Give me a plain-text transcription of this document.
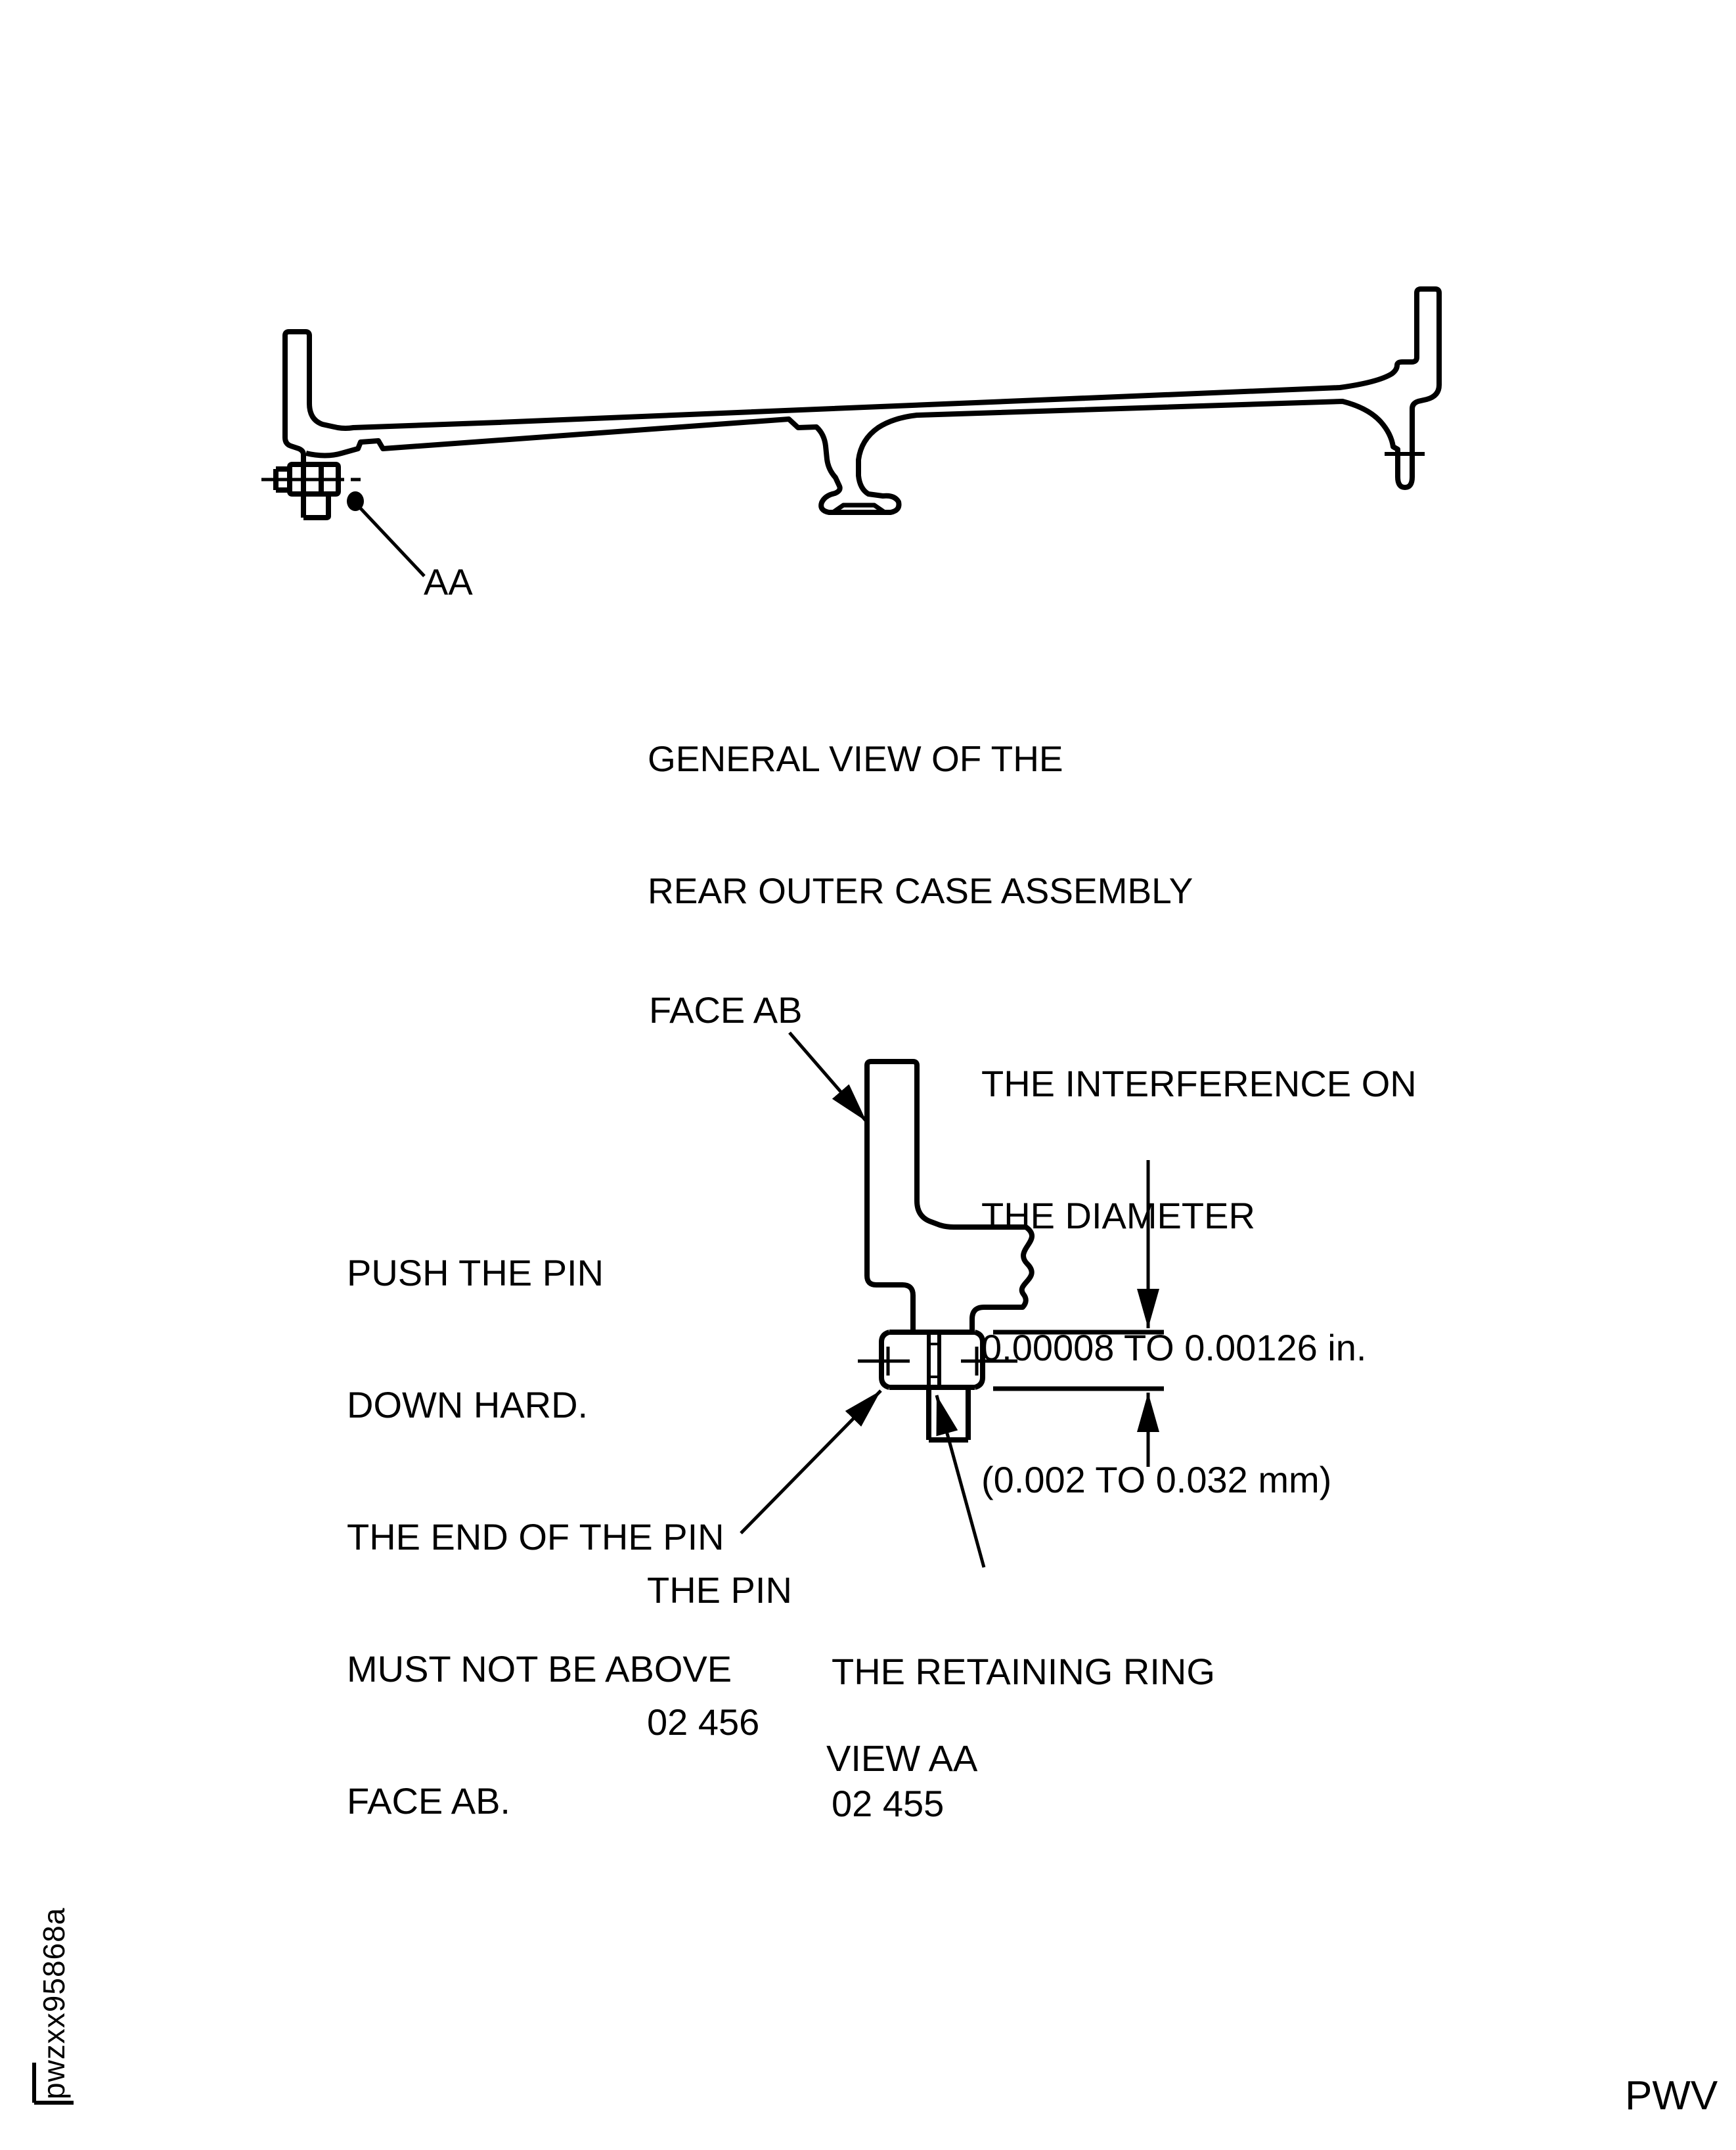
AA

GENERAL VIEW OF THE

REAR OUTER CASE ASSEMBLY

FACE AB

THE INTERFERENCE ON

THE DIAMETER

0.00008 TO 0.00126 in.

(0.002 TO 0.032 mm)

PUSH THE PIN

DOWN HARD.

THE END OF THE PIN

MUST NOT BE ABOVE

FACE AB.

THE PIN

02 456

THE RETAINING RING

02 455

VIEW AA
pwzxx95868a	PWV
